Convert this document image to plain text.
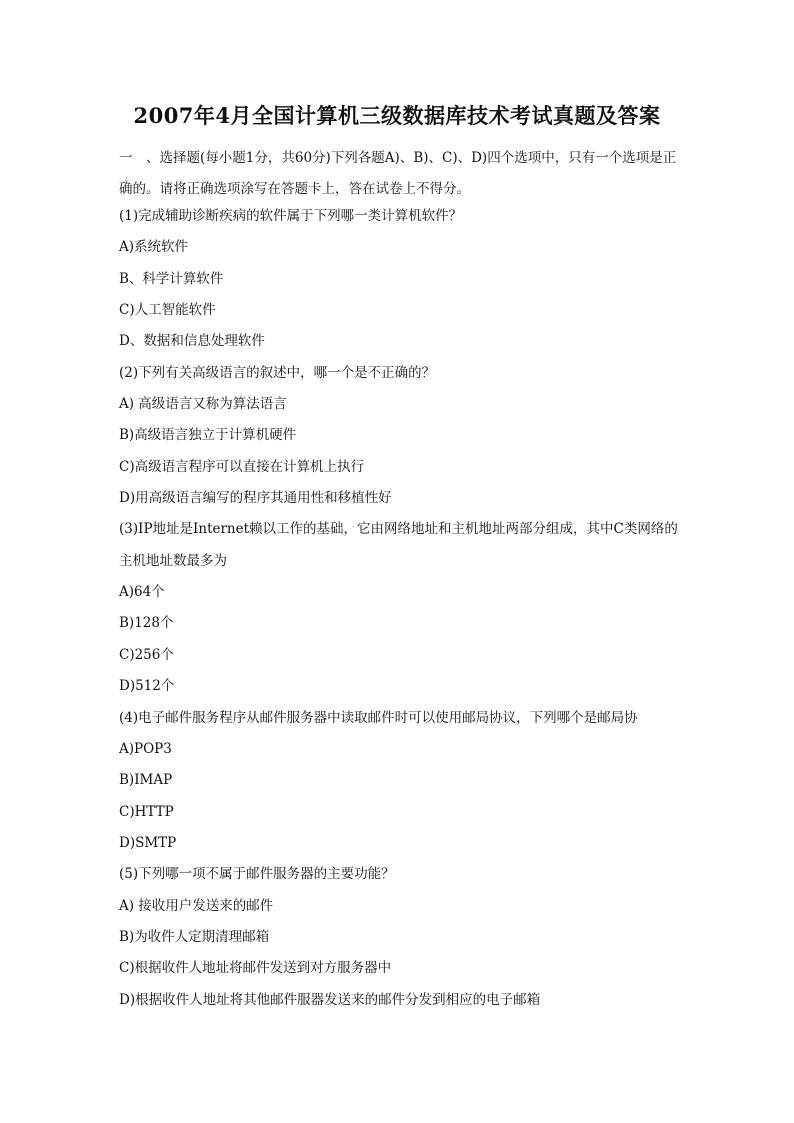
2007年4月全国计算机三级数据库技术考试真题及答案

一　、选择题(每小题1分，共60分)下列各题A)、B)、C)、D)四个选项中，只有一个选项是正确的。请将正确选项涂写在答题卡上，答在试卷上不得分。

(1)完成辅助诊断疾病的软件属于下列哪一类计算机软件？
A)系统软件
B、科学计算软件
C)人工智能软件
D、数据和信息处理软件
(2)下列有关高级语言的叙述中，哪一个是不正确的？
A) 高级语言又称为算法语言
B)高级语言独立于计算机硬件
C)高级语言程序可以直接在计算机上执行
D)用高级语言编写的程序其通用性和移植性好
(3)IP地址是Internet赖以工作的基础，它由网络地址和主机地址两部分组成，其中C类网络的主机地址数最多为
A)64个
B)128个
C)256个
D)512个
(4)电子邮件服务程序从邮件服务器中读取邮件时可以使用邮局协议，下列哪个是邮局协
A)POP3
B)IMAP
C)HTTP
D)SMTP
(5)下列哪一项不属于邮件服务器的主要功能？
A) 接收用户发送来的邮件
B)为收件人定期清理邮箱
C)根据收件人地址将邮件发送到对方服务器中
D)根据收件人地址将其他邮件服器发送来的邮件分发到相应的电子邮箱
